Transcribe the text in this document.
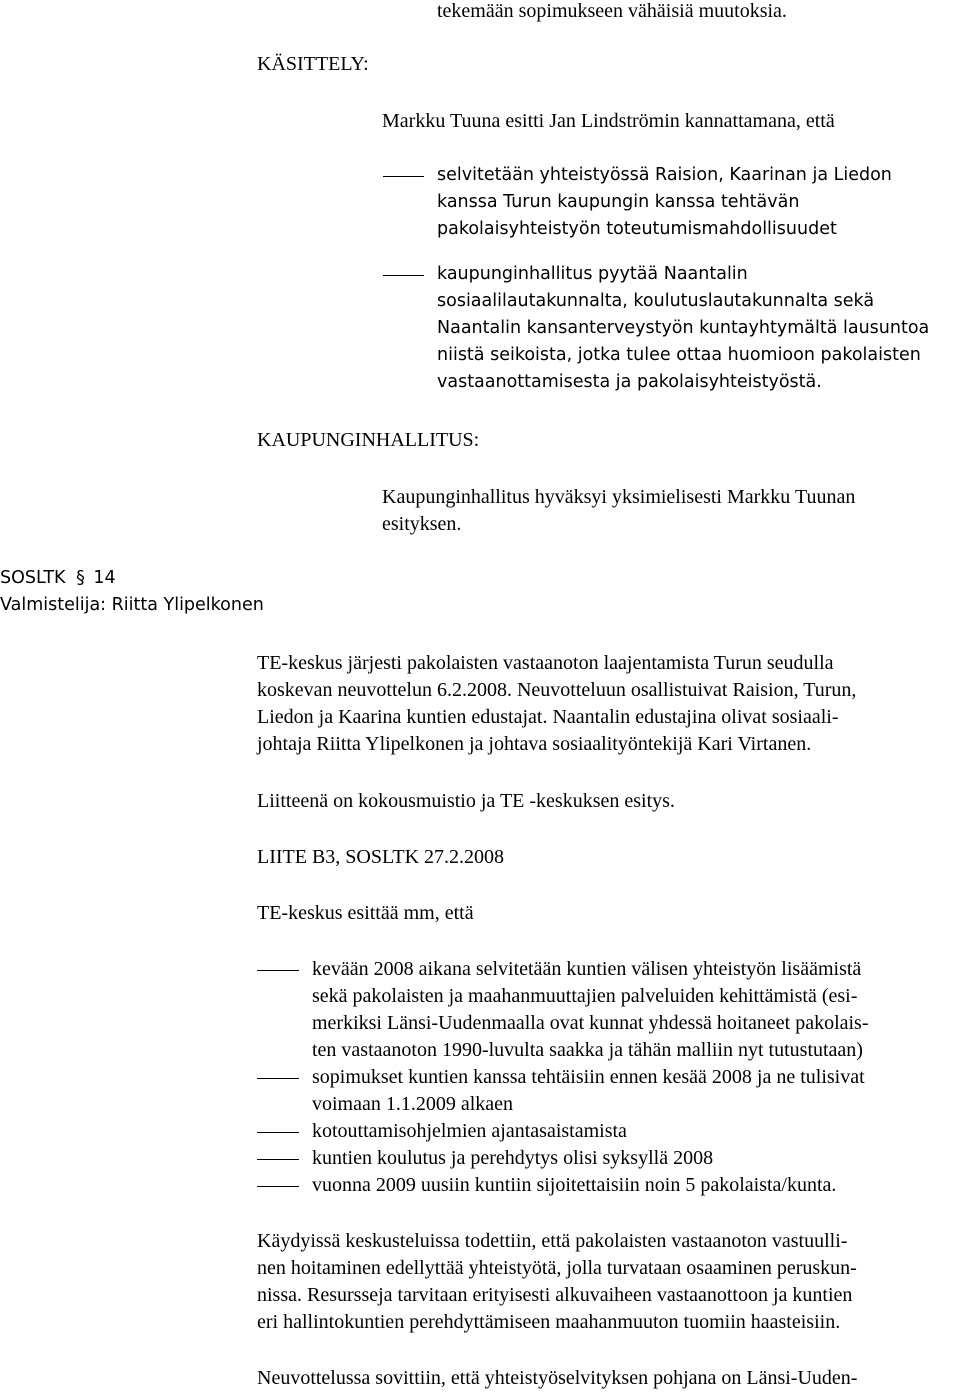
tekemään sopimukseen vähäisiä muutoksia.
KÄSITTELY:
Markku Tuuna esitti Jan Lindströmin kannattamana, että
selvitetään yhteistyössä Raision, Kaarinan ja Liedon
kanssa Turun kaupungin kanssa tehtävän
pakolaisyhteistyön toteutumismahdollisuudet
kaupunginhallitus pyytää Naantalin
sosiaalilautakunnalta, koulutuslautakunnalta sekä
Naantalin kansanterveystyön kuntayhtymältä lausuntoa
niistä seikoista, jotka tulee ottaa huomioon pakolaisten
vastaanottamisesta ja pakolaisyhteistyöstä.
KAUPUNGINHALLITUS:
Kaupunginhallitus hyväksyi yksimielisesti Markku Tuunan
esityksen.
SOSLTK § 14
Valmistelija: Riitta Ylipelkonen
TE-keskus järjesti pakolaisten vastaanoton laajentamista Turun seudulla
koskevan neuvottelun 6.2.2008. Neuvotteluun osallistuivat Raision, Turun,
Liedon ja Kaarina kuntien edustajat. Naantalin edustajina olivat sosiaali-
johtaja Riitta Ylipelkonen ja johtava sosiaalityöntekijä Kari Virtanen.
Liitteenä on kokousmuistio ja TE -keskuksen esitys.
LIITE B3, SOSLTK 27.2.2008
TE-keskus esittää mm, että
kevään 2008 aikana selvitetään kuntien välisen yhteistyön lisäämistä
sekä pakolaisten ja maahanmuuttajien palveluiden kehittämistä (esi-
merkiksi Länsi-Uudenmaalla ovat kunnat yhdessä hoitaneet pakolais-
ten vastaanoton 1990-luvulta saakka ja tähän malliin nyt tutustutaan)
sopimukset kuntien kanssa tehtäisiin ennen kesää 2008 ja ne tulisivat
voimaan 1.1.2009 alkaen
kotouttamisohjelmien ajantasaistamista
kuntien koulutus ja perehdytys olisi syksyllä 2008
vuonna 2009 uusiin kuntiin sijoitettaisiin noin 5 pakolaista/kunta.
Käydyissä keskusteluissa todettiin, että pakolaisten vastaanoton vastuulli-
nen hoitaminen edellyttää yhteistyötä, jolla turvataan osaaminen peruskun-
nissa. Resursseja tarvitaan erityisesti alkuvaiheen vastaanottoon ja kuntien
eri hallintokuntien perehdyttämiseen maahanmuuton tuomiin haasteisiin.
Neuvottelussa sovittiin, että yhteistyöselvityksen pohjana on Länsi-Uuden-
